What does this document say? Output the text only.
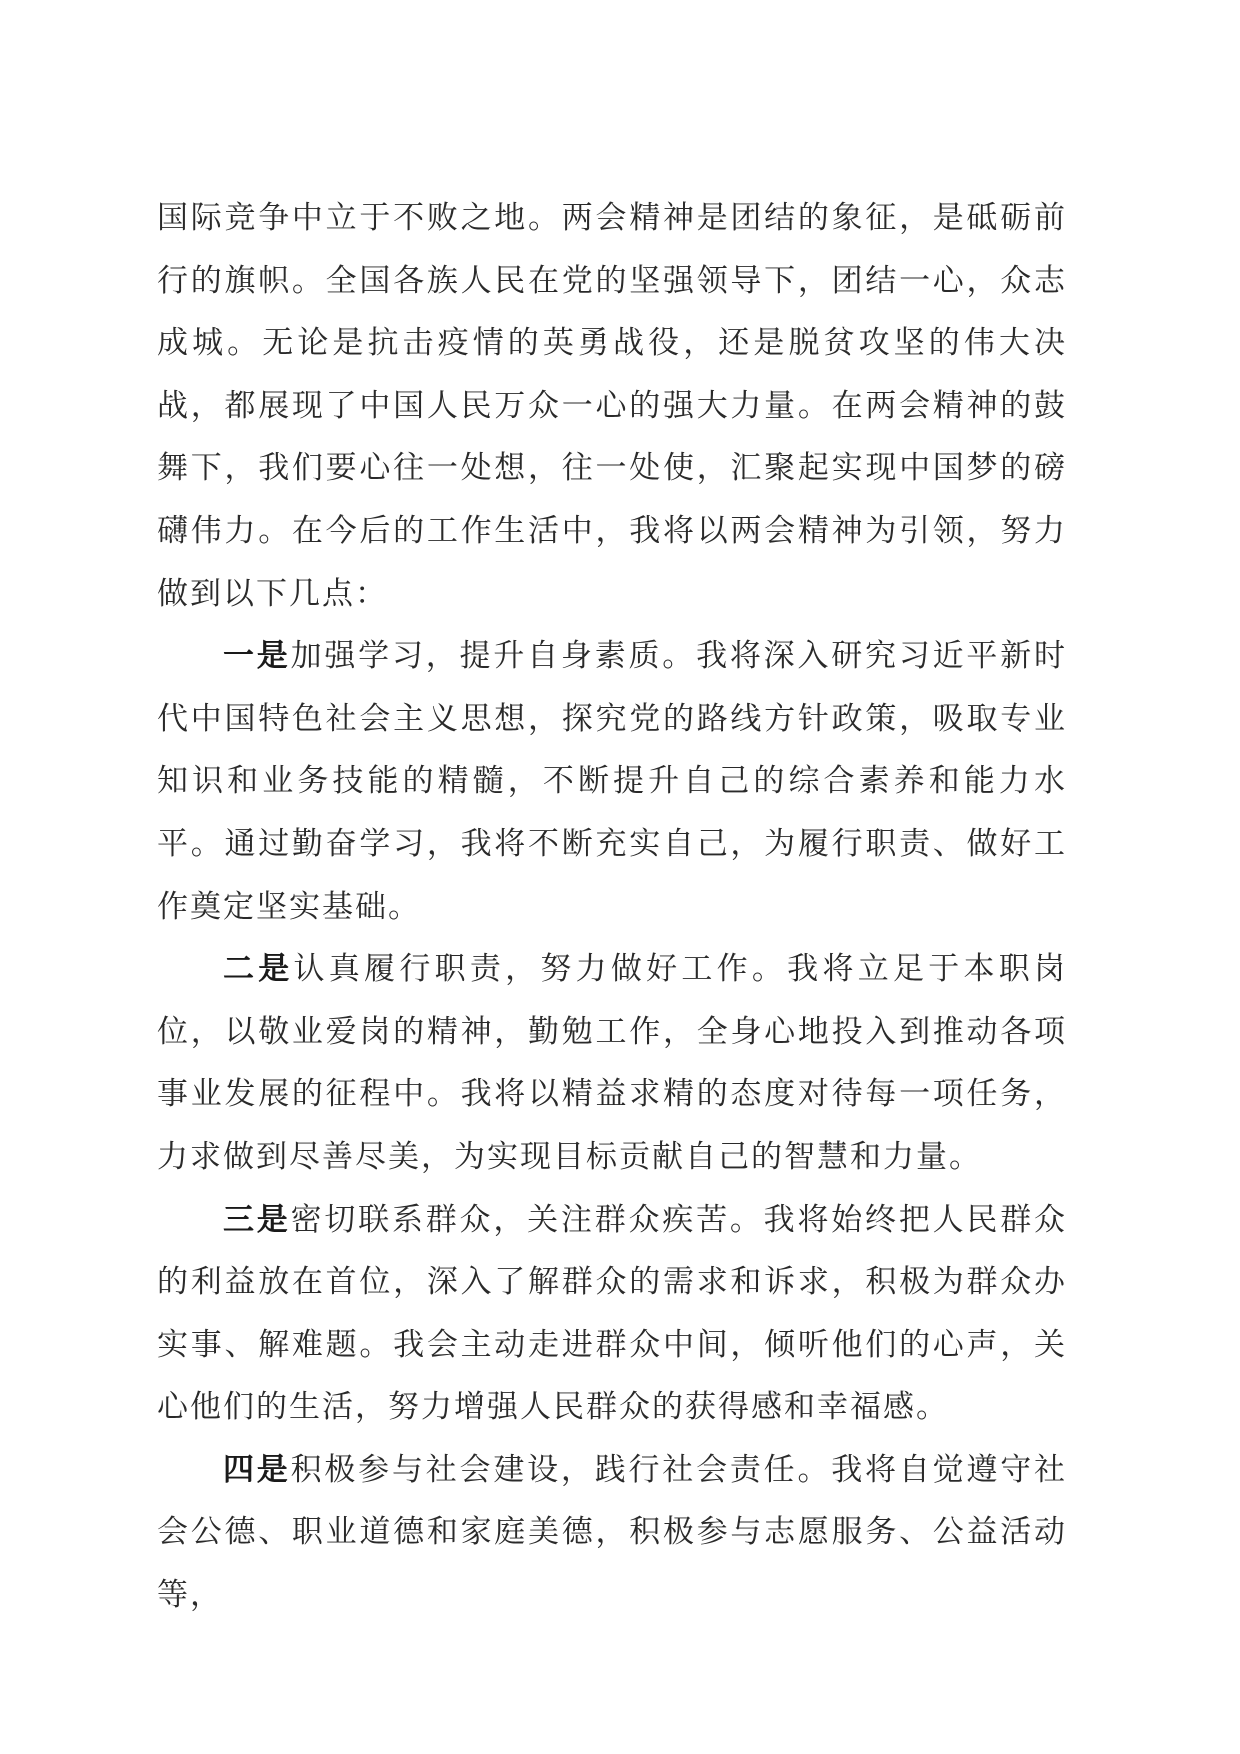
国际竞争中立于不败之地。两会精神是团结的象征，是砥砺前行的旗帜。全国各族人民在党的坚强领导下，团结一心，众志成城。无论是抗击疫情的英勇战役，还是脱贫攻坚的伟大决战，都展现了中国人民万众一心的强大力量。在两会精神的鼓舞下，我们要心往一处想，往一处使，汇聚起实现中国梦的磅礴伟力。在今后的工作生活中，我将以两会精神为引领，努力做到以下几点：

一是加强学习，提升自身素质。我将深入研究习近平新时代中国特色社会主义思想，探究党的路线方针政策，吸取专业知识和业务技能的精髓，不断提升自己的综合素养和能力水平。通过勤奋学习，我将不断充实自己，为履行职责、做好工作奠定坚实基础。

二是认真履行职责，努力做好工作。我将立足于本职岗位，以敬业爱岗的精神，勤勉工作，全身心地投入到推动各项事业发展的征程中。我将以精益求精的态度对待每一项任务，力求做到尽善尽美，为实现目标贡献自己的智慧和力量。

三是密切联系群众，关注群众疾苦。我将始终把人民群众的利益放在首位，深入了解群众的需求和诉求，积极为群众办实事、解难题。我会主动走进群众中间，倾听他们的心声，关心他们的生活，努力增强人民群众的获得感和幸福感。

四是积极参与社会建设，践行社会责任。我将自觉遵守社会公德、职业道德和家庭美德，积极参与志愿服务、公益活动等，
